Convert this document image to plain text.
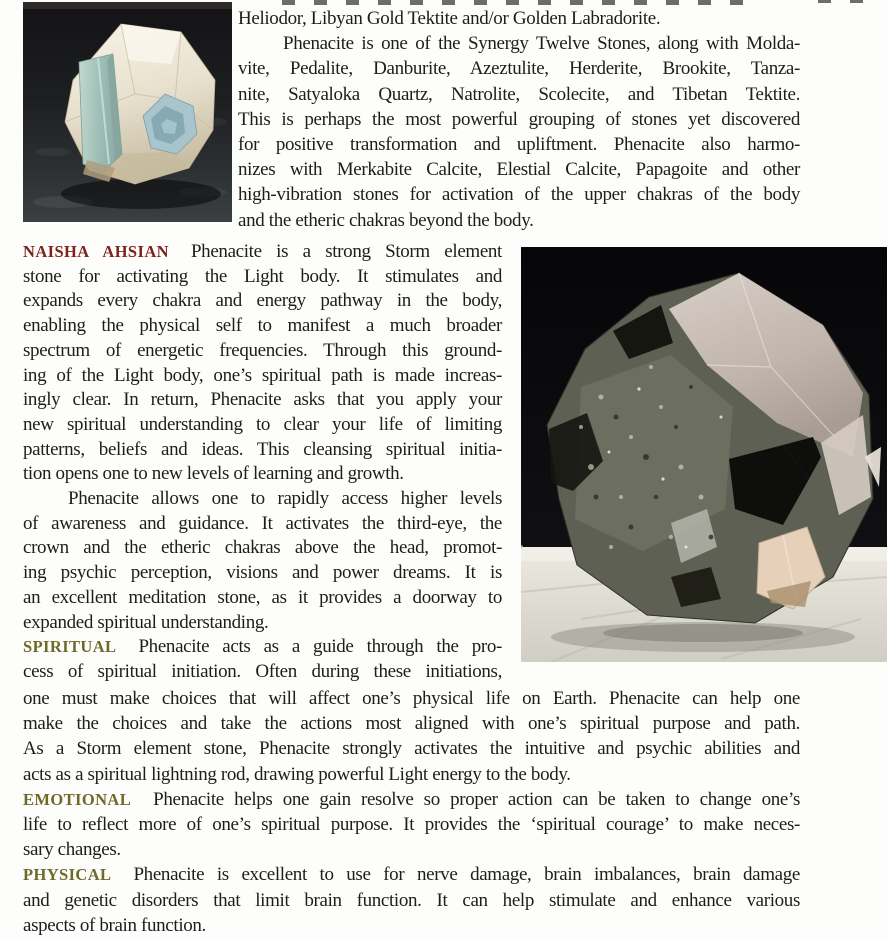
Heliodor, Libyan Gold Tektite and/or Golden Labradorite.
Phenacite is one of the Synergy Twelve Stones, along with Molda-
vite, Pedalite, Danburite, Azeztulite, Herderite, Brookite, Tanza-
nite, Satyaloka Quartz, Natrolite, Scolecite, and Tibetan Tektite.
This is perhaps the most powerful grouping of stones yet discovered
for positive transformation and upliftment. Phenacite also harmo-
nizes with Merkabite Calcite, Elestial Calcite, Papagoite and other
high-vibration stones for activation of the upper chakras of the body
and the etheric chakras beyond the body.
NAISHA AHSIAN Phenacite is a strong Storm element
stone for activating the Light body. It stimulates and
expands every chakra and energy pathway in the body,
enabling the physical self to manifest a much broader
spectrum of energetic frequencies. Through this ground-
ing of the Light body, one’s spiritual path is made increas-
ingly clear. In return, Phenacite asks that you apply your
new spiritual understanding to clear your life of limiting
patterns, beliefs and ideas. This cleansing spiritual initia-
tion opens one to new levels of learning and growth.
Phenacite allows one to rapidly access higher levels
of awareness and guidance. It activates the third-eye, the
crown and the etheric chakras above the head, promot-
ing psychic perception, visions and power dreams. It is
an excellent meditation stone, as it provides a doorway to
expanded spiritual understanding.
SPIRITUAL Phenacite acts as a guide through the pro-
cess of spiritual initiation. Often during these initiations,
one must make choices that will affect one’s physical life on Earth. Phenacite can help one
make the choices and take the actions most aligned with one’s spiritual purpose and path.
As a Storm element stone, Phenacite strongly activates the intuitive and psychic abilities and
acts as a spiritual lightning rod, drawing powerful Light energy to the body.
EMOTIONAL Phenacite helps one gain resolve so proper action can be taken to change one’s
life to reflect more of one’s spiritual purpose. It provides the ‘spiritual courage’ to make neces-
sary changes.
PHYSICAL Phenacite is excellent to use for nerve damage, brain imbalances, brain damage
and genetic disorders that limit brain function. It can help stimulate and enhance various
aspects of brain function.
